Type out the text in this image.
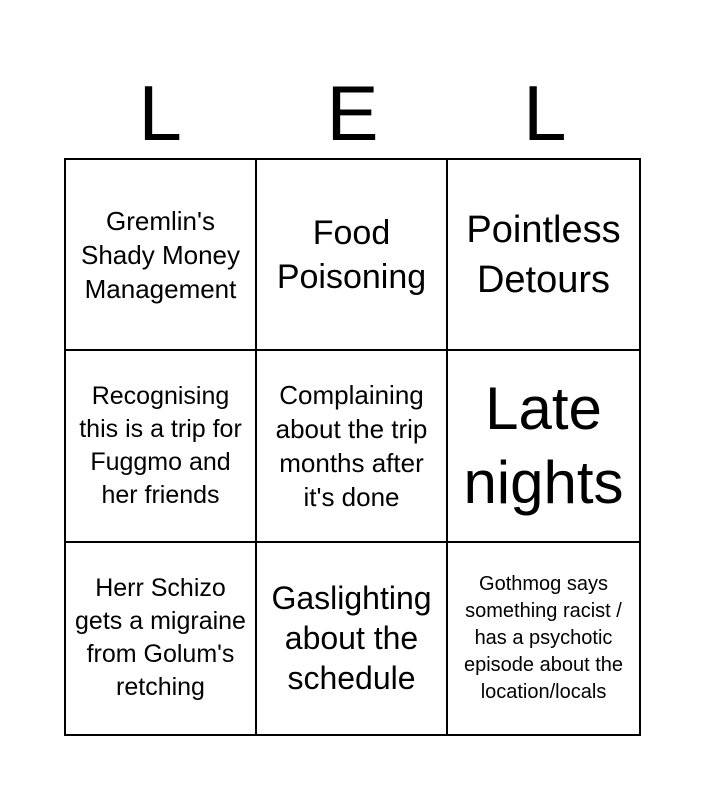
L	E	L
Gremlin's Shady Money Management
Food Poisoning
Pointless Detours
Recognising this is a trip for Fuggmo and her friends
Complaining about the trip months after it's done
Late nights
Herr Schizo gets a migraine from Golum's retching
Gaslighting about the schedule
Gothmog says something racist / has a psychotic episode about the location/locals
